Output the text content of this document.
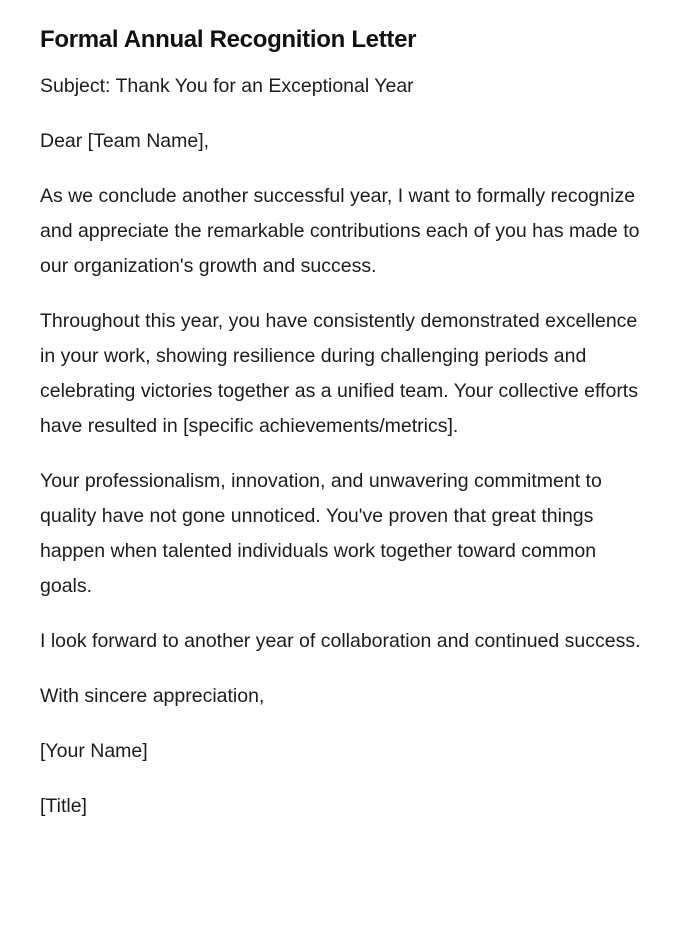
Formal Annual Recognition Letter

Subject: Thank You for an Exceptional Year

Dear [Team Name],

As we conclude another successful year, I want to formally recognize and appreciate the remarkable contributions each of you has made to our organization's growth and success.

Throughout this year, you have consistently demonstrated excellence in your work, showing resilience during challenging periods and celebrating victories together as a unified team. Your collective efforts have resulted in [specific achievements/metrics].

Your professionalism, innovation, and unwavering commitment to quality have not gone unnoticed. You've proven that great things happen when talented individuals work together toward common goals.

I look forward to another year of collaboration and continued success.

With sincere appreciation,

[Your Name]

[Title]
